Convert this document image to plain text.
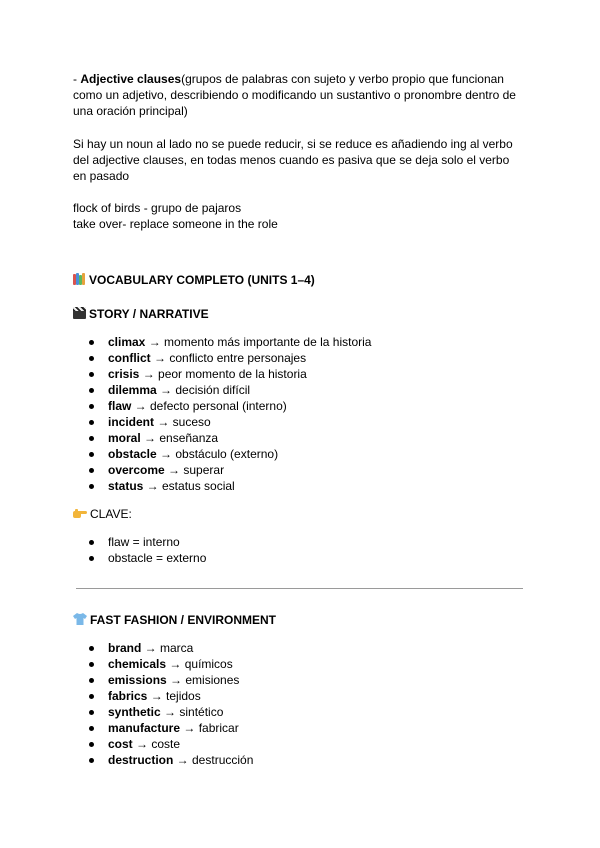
- Adjective clauses(grupos de palabras con sujeto y verbo propio que funcionan
como un adjetivo, describiendo o modificando un sustantivo o pronombre dentro de
una oración principal)
Si hay un noun al lado no se puede reducir, si se reduce es añadiendo ing al verbo
del adjective clauses, en todas menos cuando es pasiva que se deja solo el verbo
en pasado
flock of birds - grupo de pajaros
take over- replace someone in the role
VOCABULARY COMPLETO (UNITS 1–4)
STORY / NARRATIVE
climax → momento más importante de la historia
conflict → conflicto entre personajes
crisis → peor momento de la historia
dilemma → decisión difícil
flaw → defecto personal (interno)
incident → suceso
moral → enseñanza
obstacle → obstáculo (externo)
overcome → superar
status → estatus social
CLAVE:
flaw = interno
obstacle = externo
FAST FASHION / ENVIRONMENT
brand → marca
chemicals → químicos
emissions → emisiones
fabrics → tejidos
synthetic → sintético
manufacture → fabricar
cost → coste
destruction → destrucción
